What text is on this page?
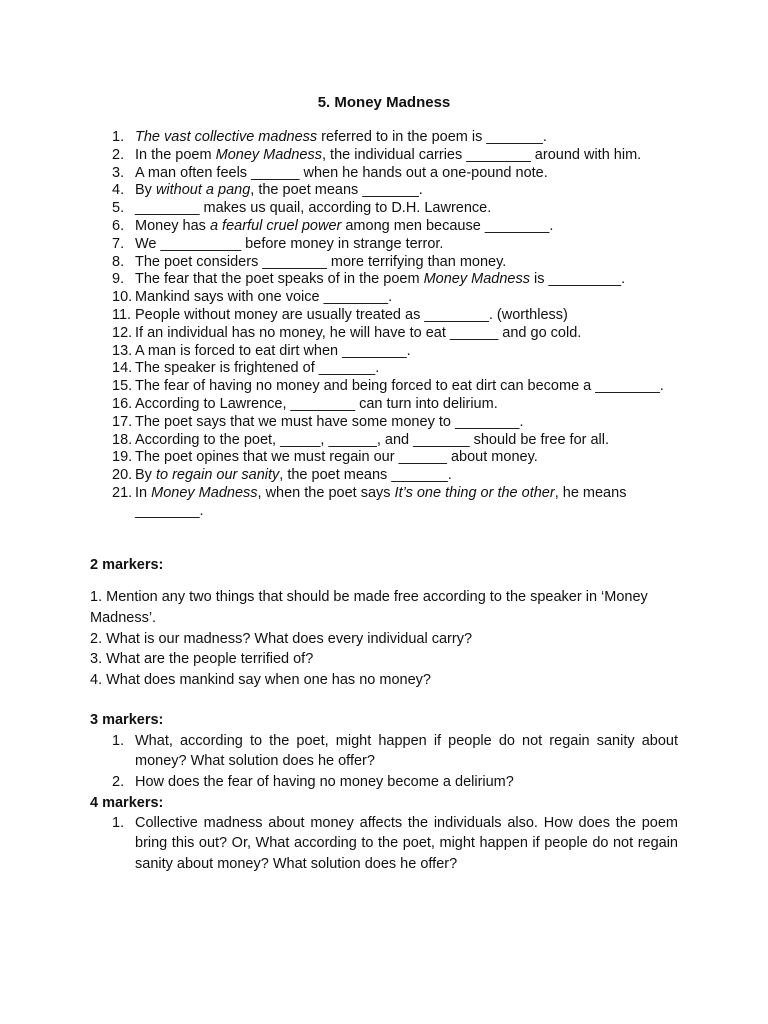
5. Money Madness
1. The vast collective madness referred to in the poem is _______.
2. In the poem Money Madness, the individual carries ________ around with him.
3. A man often feels ______ when he hands out a one-pound note.
4. By without a pang, the poet means _______.
5. ________ makes us quail, according to D.H. Lawrence.
6. Money has a fearful cruel power among men because ________.
7. We __________ before money in strange terror.
8. The poet considers ________ more terrifying than money.
9. The fear that the poet speaks of in the poem Money Madness is _________.
10. Mankind says with one voice ________.
11. People without money are usually treated as ________. (worthless)
12. If an individual has no money, he will have to eat ______ and go cold.
13. A man is forced to eat dirt when ________.
14. The speaker is frightened of _______.
15. The fear of having no money and being forced to eat dirt can become a ________.
16. According to Lawrence, ________ can turn into delirium.
17. The poet says that we must have some money to ________.
18. According to the poet, _____, ______, and _______ should be free for all.
19. The poet opines that we must regain our ______ about money.
20. By to regain our sanity, the poet means _______.
21. In Money Madness, when the poet says It’s one thing or the other, he means ________.
2 markers:

1. Mention any two things that should be made free according to the speaker in ‘Money Madness’.

2. What is our madness? What does every individual carry?

3. What are the people terrified of?

4. What does mankind say when one has no money?

3 markers:
1. What, according to the poet, might happen if people do not regain sanity about money? What solution does he offer?
2. How does the fear of having no money become a delirium?
4 markers:
1. Collective madness about money affects the individuals also. How does the poem bring this out? Or, What according to the poet, might happen if people do not regain sanity about money? What solution does he offer?
